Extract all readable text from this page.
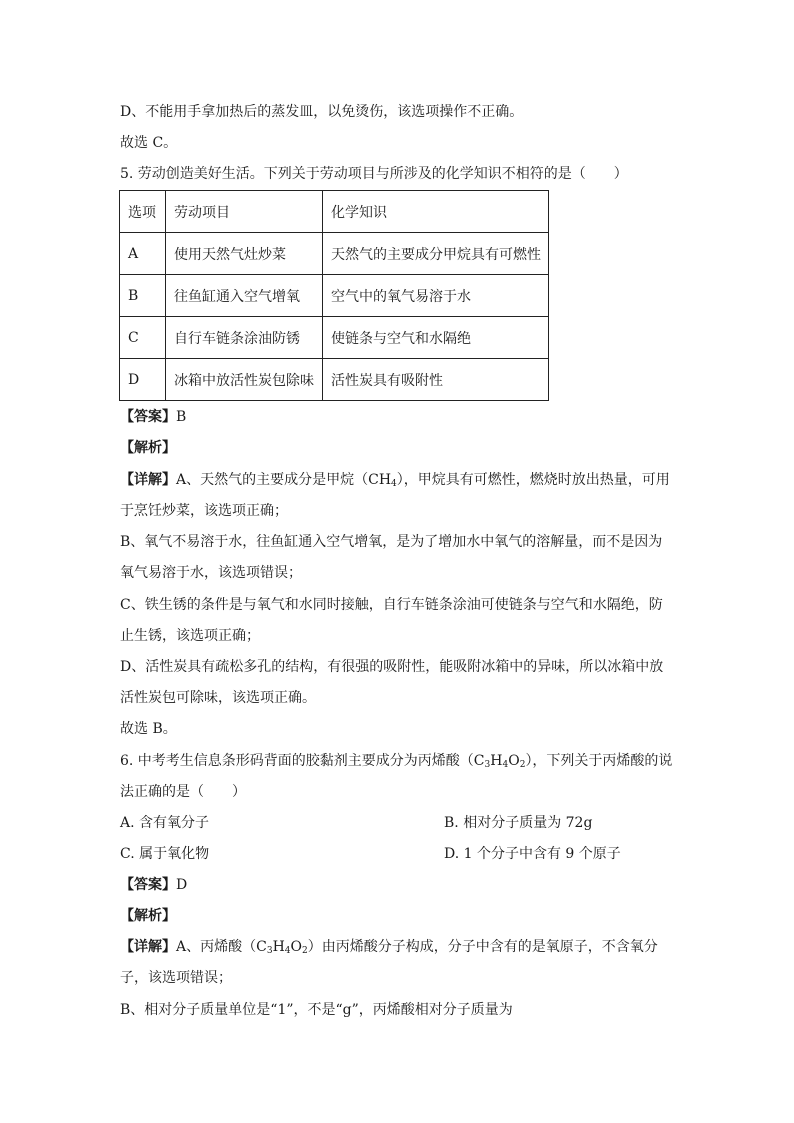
D、不能用手拿加热后的蒸发皿，以免烫伤，该选项操作不正确。
故选 C。
5. 劳动创造美好生活。下列关于劳动项目与所涉及的化学知识不相符的是（　　）
选项	劳动项目	化学知识
A	使用天然气灶炒菜	天然气的主要成分甲烷具有可燃性
B	往鱼缸通入空气增氧	空气中的氧气易溶于水
C	自行车链条涂油防锈	使链条与空气和水隔绝
D	冰箱中放活性炭包除味	活性炭具有吸附性
【答案】B
【解析】
【详解】A、天然气的主要成分是甲烷$(CH_4)$，甲烷具有可燃性，燃烧时放出热量，可用
于烹饪炒菜，该选项正确；
B、氧气不易溶于水，往鱼缸通入空气增氧，是为了增加水中氧气的溶解量，而不是因为
氧气易溶于水，该选项错误；
C、铁生锈的条件是与氧气和水同时接触，自行车链条涂油可使链条与空气和水隔绝，防
止生锈，该选项正确；
D、活性炭具有疏松多孔的结构，有很强的吸附性，能吸附冰箱中的异味，所以冰箱中放
活性炭包可除味，该选项正确。
故选 B。
6. 中考考生信息条形码背面的胶黏剂主要成分为丙烯酸$(C_3H_4O_2)$，下列关于丙烯酸的说
法正确的是（　　）
A. 含有氧分子	B. 相对分子质量为 72g
C. 属于氧化物	D. 1 个分子中含有 9 个原子
【答案】D
【解析】
【详解】A、丙烯酸$(C_3H_4O_2)$由丙烯酸分子构成，分子中含有的是氧原子，不含氧分
子，该选项错误；
B、相对分子质量单位是“1”，不是“g”，丙烯酸相对分子质量为
